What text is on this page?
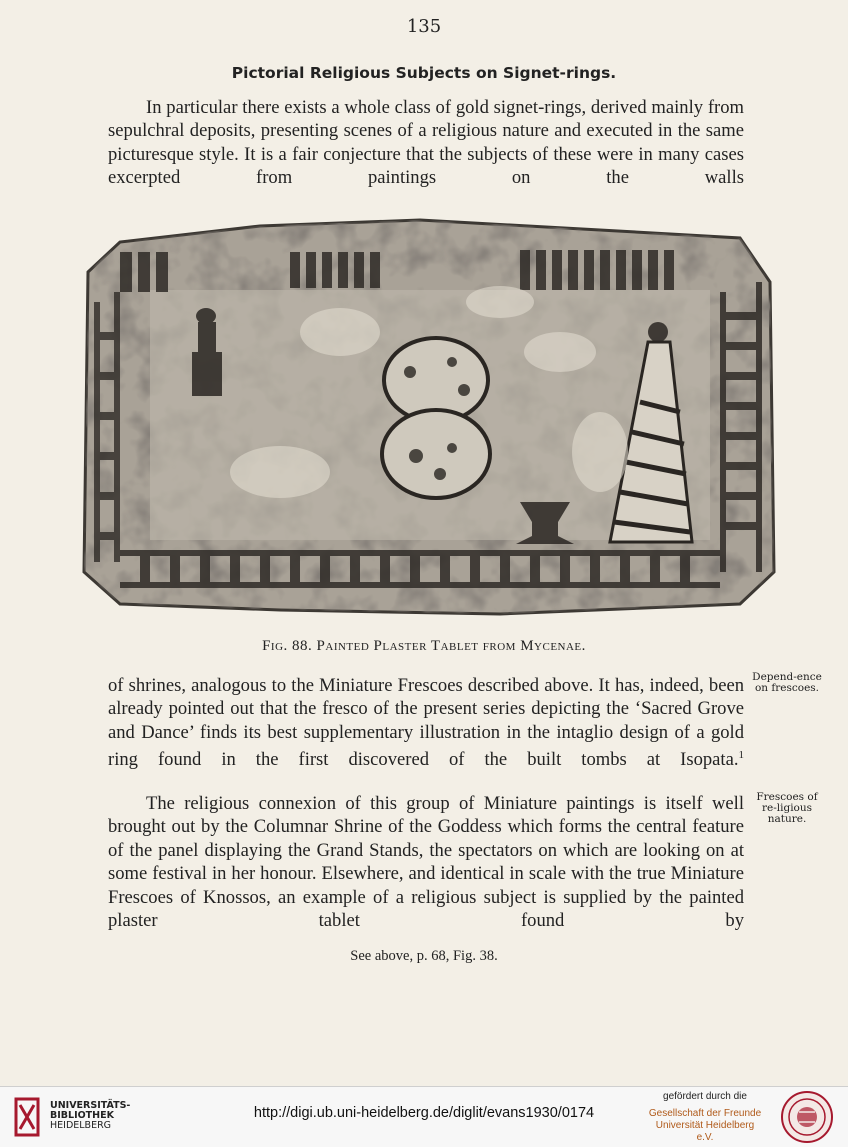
135
Pictorial Religious Subjects on Signet-rings.

In particular there exists a whole class of gold signet-rings, derived mainly from sepulchral deposits, presenting scenes of a religious nature and executed in the same picturesque style. It is a fair conjecture that the subjects of these were in many cases excerpted from paintings on the walls

Fig. 88. Painted Plaster Tablet from Mycenae.

of shrines, analogous to the Miniature Frescoes described above. It has, indeed, been already pointed out that the fresco of the present series depicting the ‘Sacred Grove and Dance’ finds its best supplementary illustration in the intaglio design of a gold ring found in the first discovered of the built tombs at Isopata.$^1$

The religious connexion of this group of Miniature paintings is itself well brought out by the Columnar Shrine of the Goddess which forms the central feature of the panel displaying the Grand Stands, the spectators on which are looking on at some festival in her honour. Elsewhere, and identical in scale with the true Miniature Frescoes of Knossos, an example of a religious subject is supplied by the painted plaster tablet found by

Depend-ence on frescoes.

Frescoes of re-ligious nature.

See above, p. 68, Fig. 38.
UNIVERSITÄTS-
BIBLIOTHEK
HEIDELBERG
http://digi.ub.uni-heidelberg.de/diglit/evans1930/0174
gefördert durch die
Gesellschaft der Freunde
Universität Heidelberg e.V.
